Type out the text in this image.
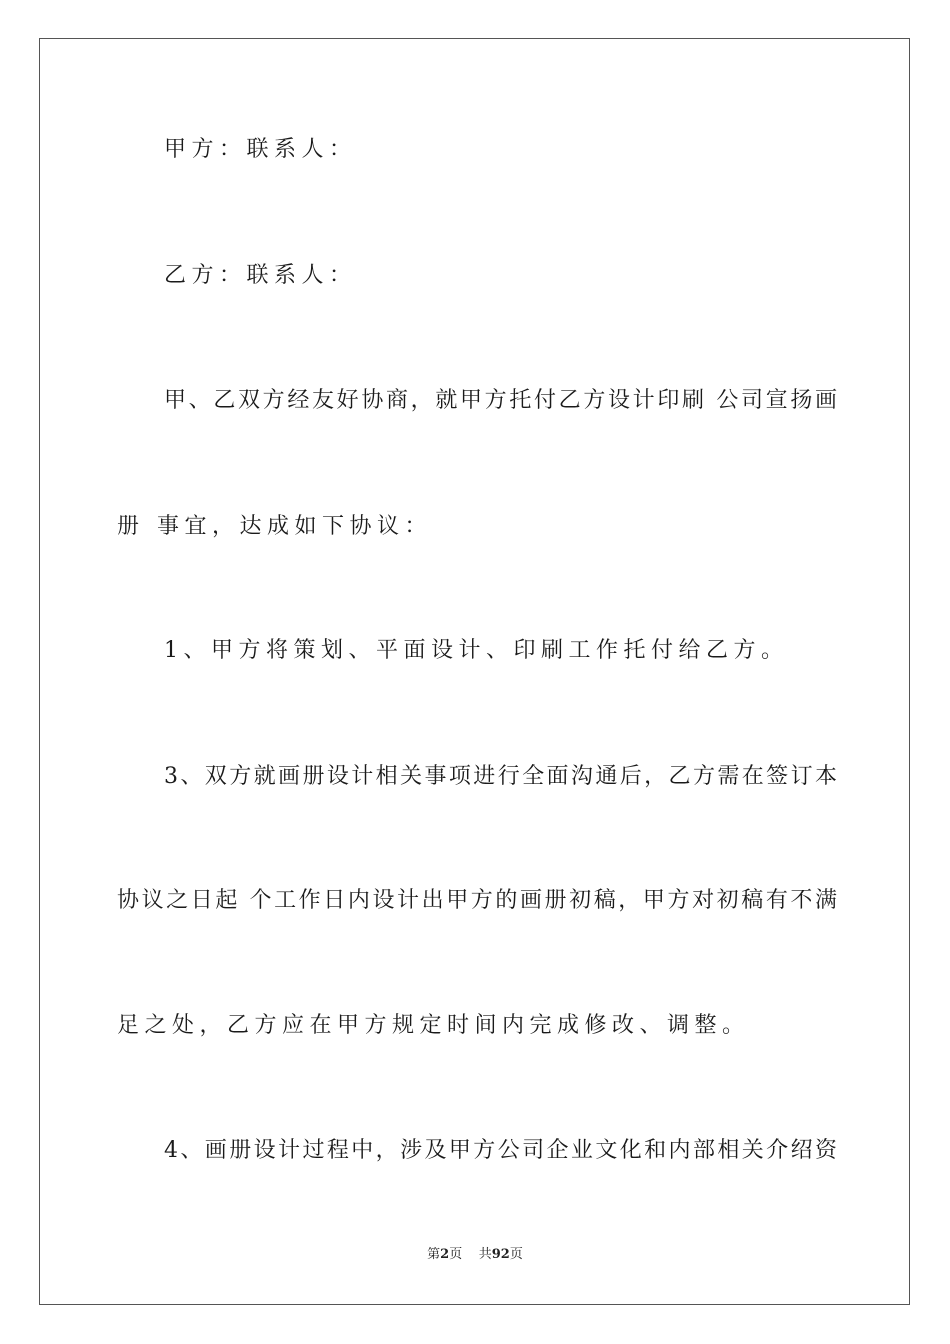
甲方：联系人：
乙方：联系人：
甲、乙双方经友好协商，就甲方托付乙方设计印刷 公司宣扬画
册 事宜，达成如下协议：
1、甲方将策划、平面设计、印刷工作托付给乙方。
3、双方就画册设计相关事项进行全面沟通后，乙方需在签订本
协议之日起 个工作日内设计出甲方的画册初稿，甲方对初稿有不满
足之处，乙方应在甲方规定时间内完成修改、调整。
4、画册设计过程中，涉及甲方公司企业文化和内部相关介绍资
第2页 共92页
